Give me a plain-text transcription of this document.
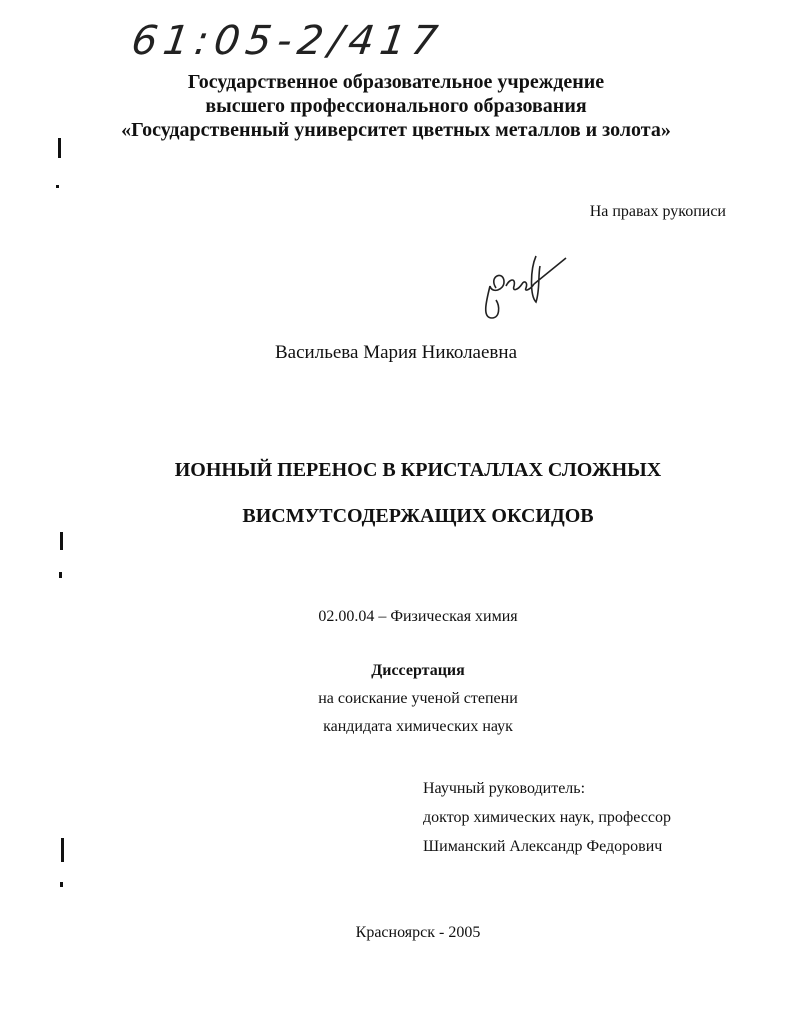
61:05-2/417
Государственное образовательное учреждение
высшего профессионального образования
«Государственный университет цветных металлов и золота»
На правах рукописи
Васильева Мария Николаевна
ИОННЫЙ ПЕРЕНОС В КРИСТАЛЛАХ СЛОЖНЫХ
ВИСМУТСОДЕРЖАЩИХ ОКСИДОВ
02.00.04 – Физическая химия
Диссертация
на соискание ученой степени
кандидата химических наук
Научный руководитель:
доктор химических наук, профессор
Шиманский Александр Федорович
Красноярск - 2005
